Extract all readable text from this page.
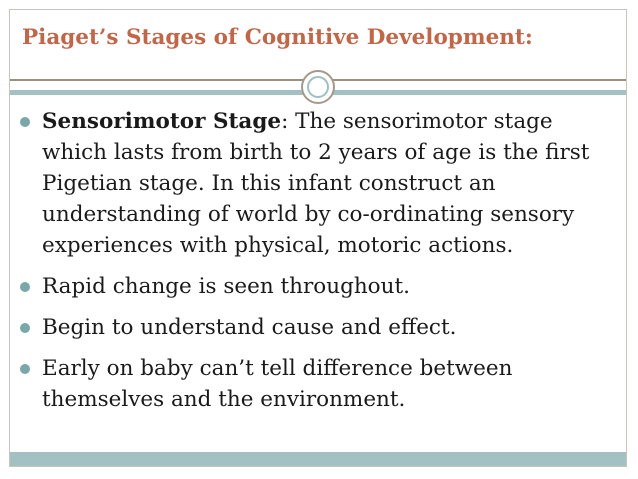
Piaget’s Stages of Cognitive Development:
Sensorimotor Stage: The sensorimotor stage which lasts from birth to 2 years of age is the first Pigetian stage. In this infant construct an understanding of world by co-ordinating sensory experiences with physical, motoric actions.
Rapid change is seen throughout.
Begin to understand cause and effect.
Early on baby can’t tell difference between themselves and the environment.
